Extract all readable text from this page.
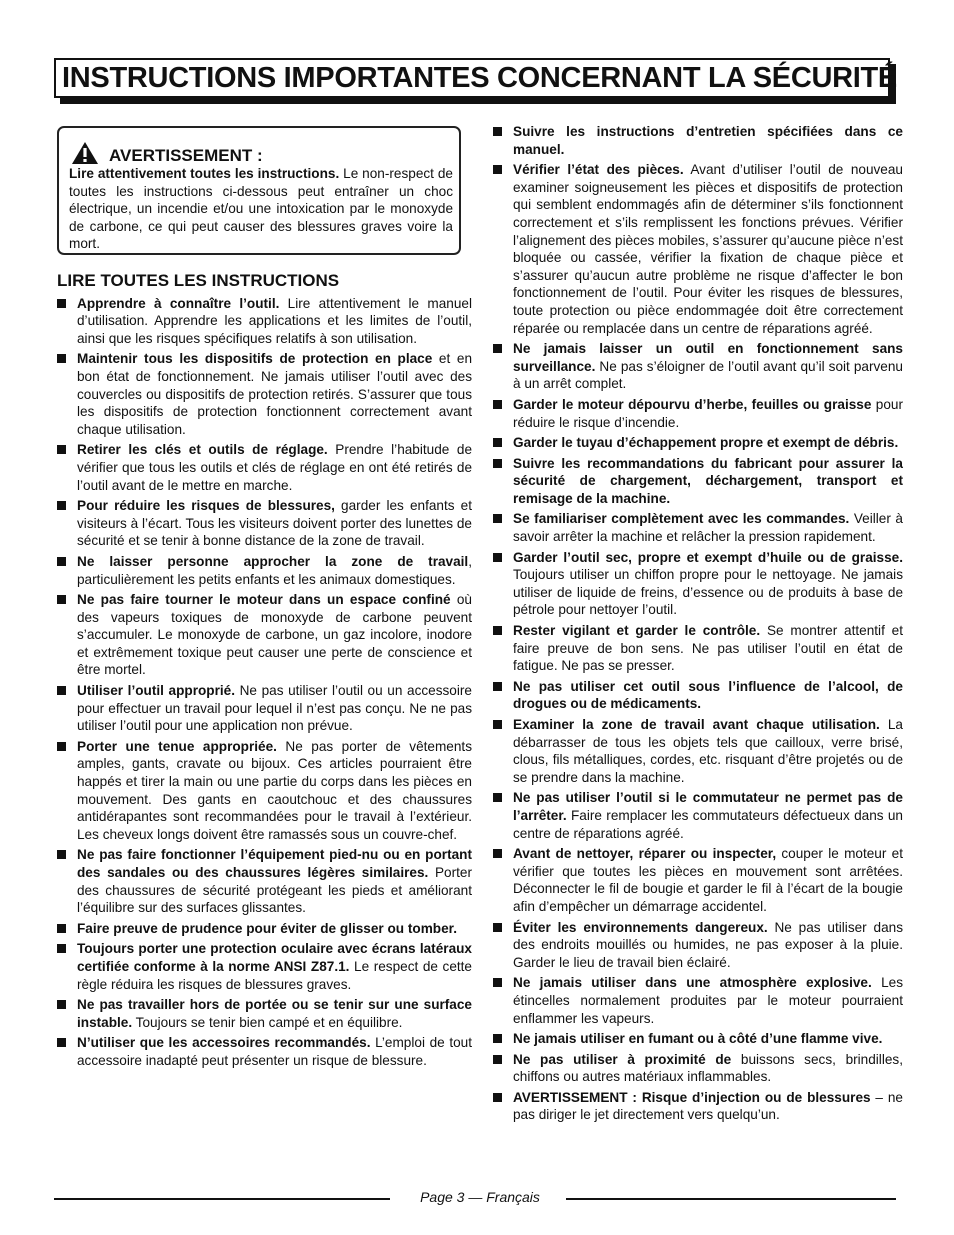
INSTRUCTIONS IMPORTANTES CONCERNANT LA SÉCURITÉ
AVERTISSEMENT :
Lire attentivement toutes les instructions. Le non-respect de toutes les instructions ci-dessous peut entraîner un choc électrique, un incendie et/ou une intoxication par le monoxyde de carbone, ce qui peut causer des blessures graves voire la mort.
LIRE TOUTES LES INSTRUCTIONS
Apprendre à connaître l’outil. Lire attentivement le manuel d’utilisation. Apprendre les applications et les limites de l’outil, ainsi que les risques spécifiques relatifs à son utilisation.
Maintenir tous les dispositifs de protection en place et en bon état de fonctionnement. Ne jamais utiliser l’outil avec des couvercles ou dispositifs de protection retirés. S’assurer que tous les dispositifs de protection fonctionnent correctement avant chaque utilisation.
Retirer les clés et outils de réglage. Prendre l’habitude de vérifier que tous les outils et clés de réglage en ont été retirés de l’outil avant de le mettre en marche.
Pour réduire les risques de blessures, garder les enfants et visiteurs à l’écart. Tous les visiteurs doivent porter des lunettes de sécurité et se tenir à bonne distance de la zone de travail.
Ne laisser personne approcher la zone de travail, particulièrement les petits enfants et les animaux domestiques.
Ne pas faire tourner le moteur dans un espace confiné où des vapeurs toxiques de monoxyde de carbone peuvent s’accumuler. Le monoxyde de carbone, un gaz incolore, inodore et extrêmement toxique peut causer une perte de conscience et être mortel.
Utiliser l’outil approprié. Ne pas utiliser l’outil ou un accessoire pour effectuer un travail pour lequel il n’est pas conçu. Ne ne pas utiliser l’outil pour une application non prévue.
Porter une tenue appropriée. Ne pas porter de vêtements amples, gants, cravate ou bijoux. Ces articles pourraient être happés et tirer la main ou une partie du corps dans les pièces en mouvement. Des gants en caoutchouc et des chaussures antidérapantes sont recommandées pour le travail à l’extérieur. Les cheveux longs doivent être ramassés sous un couvre-chef.
Ne pas faire fonctionner l’équipement pied-nu ou en portant des sandales ou des chaussures légères similaires. Porter des chaussures de sécurité protégeant les pieds et améliorant l’équilibre sur des surfaces glissantes.
Faire preuve de prudence pour éviter de glisser ou tomber.
Toujours porter une protection oculaire avec écrans latéraux certifiée conforme à la norme ANSI Z87.1. Le respect de cette règle réduira les risques de blessures graves.
Ne pas travailler hors de portée ou se tenir sur une surface instable. Toujours se tenir bien campé et en équilibre.
N’utiliser que les accessoires recommandés. L’emploi de tout accessoire inadapté peut présenter un risque de blessure.
Suivre les instructions d’entretien spécifiées dans ce manuel.
Vérifier l’état des pièces. Avant d’utiliser l’outil de nouveau examiner soigneusement les pièces et dispositifs de protection qui semblent endommagés afin de déterminer s’ils fonctionnent correctement et s’ils remplissent les fonctions prévues. Vérifier l’alignement des pièces mobiles, s’assurer qu’aucune pièce n’est bloquée ou cassée, vérifier la fixation de chaque pièce et s’assurer qu’aucun autre problème ne risque d’affecter le bon fonctionnement de l’outil. Pour éviter les risques de blessures, toute protection ou pièce endommagée doit être correctement réparée ou remplacée dans un centre de réparations agréé.
Ne jamais laisser un outil en fonctionnement sans surveillance. Ne pas s’éloigner de l’outil avant qu’il soit parvenu à un arrêt complet.
Garder le moteur dépourvu d’herbe, feuilles ou graisse pour réduire le risque d’incendie.
Garder le tuyau d’échappement propre et exempt de débris.
Suivre les recommandations du fabricant pour assurer la sécurité de chargement, déchargement, transport et remisage de la machine.
Se familiariser complètement avec les commandes. Veiller à savoir arrêter la machine et relâcher la pression rapidement.
Garder l’outil sec, propre et exempt d’huile ou de graisse. Toujours utiliser un chiffon propre pour le nettoyage. Ne jamais utiliser de liquide de freins, d’essence ou de produits à base de pétrole pour nettoyer l’outil.
Rester vigilant et garder le contrôle. Se montrer attentif et faire preuve de bon sens. Ne pas utiliser l’outil en état de fatigue. Ne pas se presser.
Ne pas utiliser cet outil sous l’influence de l’alcool, de drogues ou de médicaments.
Examiner la zone de travail avant chaque utilisation. La débarrasser de tous les objets tels que cailloux, verre brisé, clous, fils métalliques, cordes, etc. risquant d’être projetés ou de se prendre dans la machine.
Ne pas utiliser l’outil si le commutateur ne permet pas de l’arrêter. Faire remplacer les commutateurs défectueux dans un centre de réparations agréé.
Avant de nettoyer, réparer ou inspecter, couper le moteur et vérifier que toutes les pièces en mouvement sont arrêtées. Déconnecter le fil de bougie et garder le fil à l’écart de la bougie afin d’empêcher un démarrage accidentel.
Éviter les environnements dangereux. Ne pas utiliser dans des endroits mouillés ou humides, ne pas exposer à la pluie. Garder le lieu de travail bien éclairé.
Ne jamais utiliser dans une atmosphère explosive. Les étincelles normalement produites par le moteur pourraient enflammer les vapeurs.
Ne jamais utiliser en fumant ou à côté d’une flamme vive.
Ne pas utiliser à proximité de buissons secs, brindilles, chiffons ou autres matériaux inflammables.
AVERTISSEMENT : Risque d’injection ou de blessures – ne pas diriger le jet directement vers quelqu’un.
Page 3 — Français
